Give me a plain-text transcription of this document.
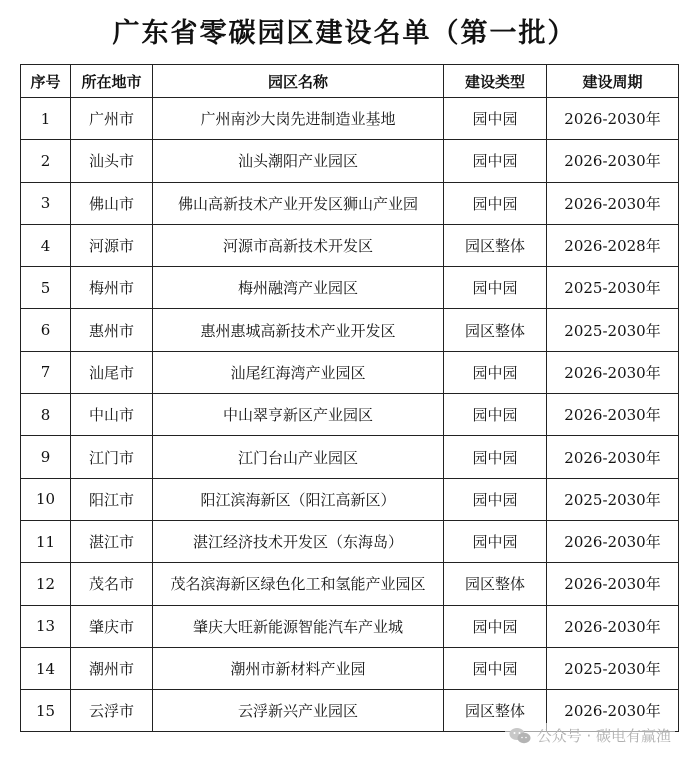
广东省零碳园区建设名单（第一批）
序号	所在地市	园区名称	建设类型	建设周期
1	广州市	广州南沙大岗先进制造业基地	园中园	2026-2030年
2	汕头市	汕头潮阳产业园区	园中园	2026-2030年
3	佛山市	佛山高新技术产业开发区狮山产业园	园中园	2026-2030年
4	河源市	河源市高新技术开发区	园区整体	2026-2028年
5	梅州市	梅州融湾产业园区	园中园	2025-2030年
6	惠州市	惠州惠城高新技术产业开发区	园区整体	2025-2030年
7	汕尾市	汕尾红海湾产业园区	园中园	2026-2030年
8	中山市	中山翠亨新区产业园区	园中园	2026-2030年
9	江门市	江门台山产业园区	园中园	2026-2030年
10	阳江市	阳江滨海新区（阳江高新区）	园中园	2025-2030年
11	湛江市	湛江经济技术开发区（东海岛）	园中园	2026-2030年
12	茂名市	茂名滨海新区绿色化工和氢能产业园区	园区整体	2026-2030年
13	肇庆市	肇庆大旺新能源智能汽车产业城	园中园	2026-2030年
14	潮州市	潮州市新材料产业园	园中园	2025-2030年
15	云浮市	云浮新兴产业园区	园区整体	2026-2030年
公众号 · 碳电有赢渔
